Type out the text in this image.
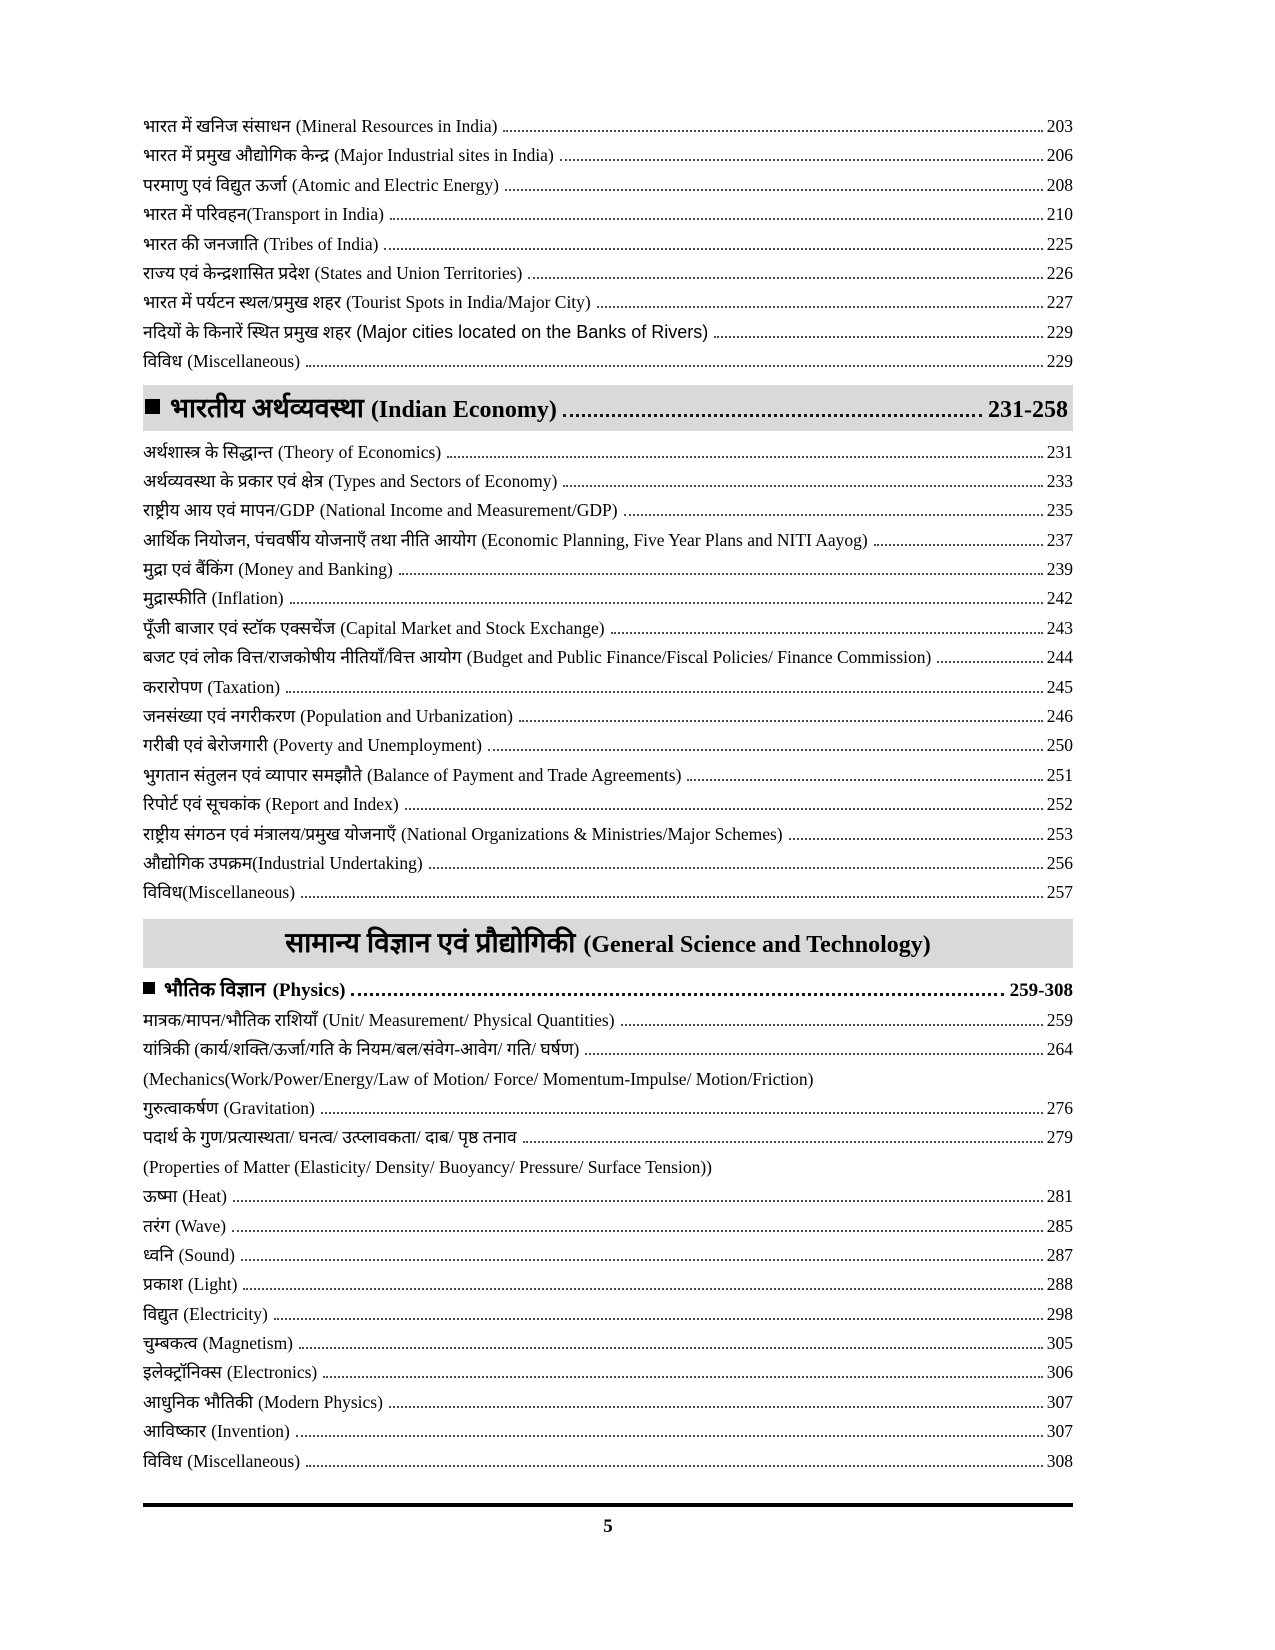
भारत में खनिज संसाधन (Mineral Resources in India)	203
भारत में प्रमुख औद्योगिक केन्द्र (Major Industrial sites in India)	206
परमाणु एवं विद्युत ऊर्जा (Atomic and Electric Energy)	208
भारत में परिवहन(Transport in India)	210
भारत की जनजाति (Tribes of India)	225
राज्य एवं केन्द्रशासित प्रदेश (States and Union Territories)	226
भारत में पर्यटन स्थल/प्रमुख शहर (Tourist Spots in India/Major City)	227
नदियों के किनारें स्थित प्रमुख शहर (Major cities located on the Banks of Rivers)	229
विविध (Miscellaneous)	229
भारतीय अर्थव्यवस्था (Indian Economy)	231-258
अर्थशास्त्र के सिद्धान्त (Theory of Economics)	231
अर्थव्यवस्था के प्रकार एवं क्षेत्र (Types and Sectors of Economy)	233
राष्ट्रीय आय एवं मापन/GDP (National Income and Measurement/GDP)	235
आर्थिक नियोजन, पंचवर्षीय योजनाएँ तथा नीति आयोग (Economic Planning, Five Year Plans and NITI Aayog)	237
मुद्रा एवं बैंकिंग (Money and Banking)	239
मुद्रास्फीति (Inflation)	242
पूँजी बाजार एवं स्टॉक एक्सचेंज (Capital Market and Stock Exchange)	243
बजट एवं लोक वित्त/राजकोषीय नीतियाँ/वित्त आयोग (Budget and Public Finance/Fiscal Policies/ Finance Commission)	244
करारोपण (Taxation)	245
जनसंख्या एवं नगरीकरण (Population and Urbanization)	246
गरीबी एवं बेरोजगारी (Poverty and Unemployment)	250
भुगतान संतुलन एवं व्यापार समझौते (Balance of Payment and Trade Agreements)	251
रिपोर्ट एवं सूचकांक (Report and Index)	252
राष्ट्रीय संगठन एवं मंत्रालय/प्रमुख योजनाएँ (National Organizations & Ministries/Major Schemes)	253
औद्योगिक उपक्रम(Industrial Undertaking)	256
विविध(Miscellaneous)	257
सामान्य विज्ञान एवं प्रौद्योगिकी (General Science and Technology)
भौतिक विज्ञान (Physics)	259-308
मात्रक/मापन/भौतिक राशियाँ (Unit/ Measurement/ Physical Quantities)	259
यांत्रिकी (कार्य/शक्ति/ऊर्जा/गति के नियम/बल/संवेग-आवेग/ गति/ घर्षण)	264
(Mechanics(Work/Power/Energy/Law of Motion/ Force/ Momentum-Impulse/ Motion/Friction)
गुरुत्वाकर्षण (Gravitation)	276
पदार्थ के गुण/प्रत्यास्थता/ घनत्व/ उत्प्लावकता/ दाब/ पृष्ठ तनाव	279
(Properties of Matter (Elasticity/ Density/ Buoyancy/ Pressure/ Surface Tension))
ऊष्मा (Heat)	281
तरंग (Wave)	285
ध्वनि (Sound)	287
प्रकाश (Light)	288
विद्युत (Electricity)	298
चुम्बकत्व (Magnetism)	305
इलेक्ट्रॉनिक्स (Electronics)	306
आधुनिक भौतिकी (Modern Physics)	307
आविष्कार (Invention)	307
विविध (Miscellaneous)	308
5
